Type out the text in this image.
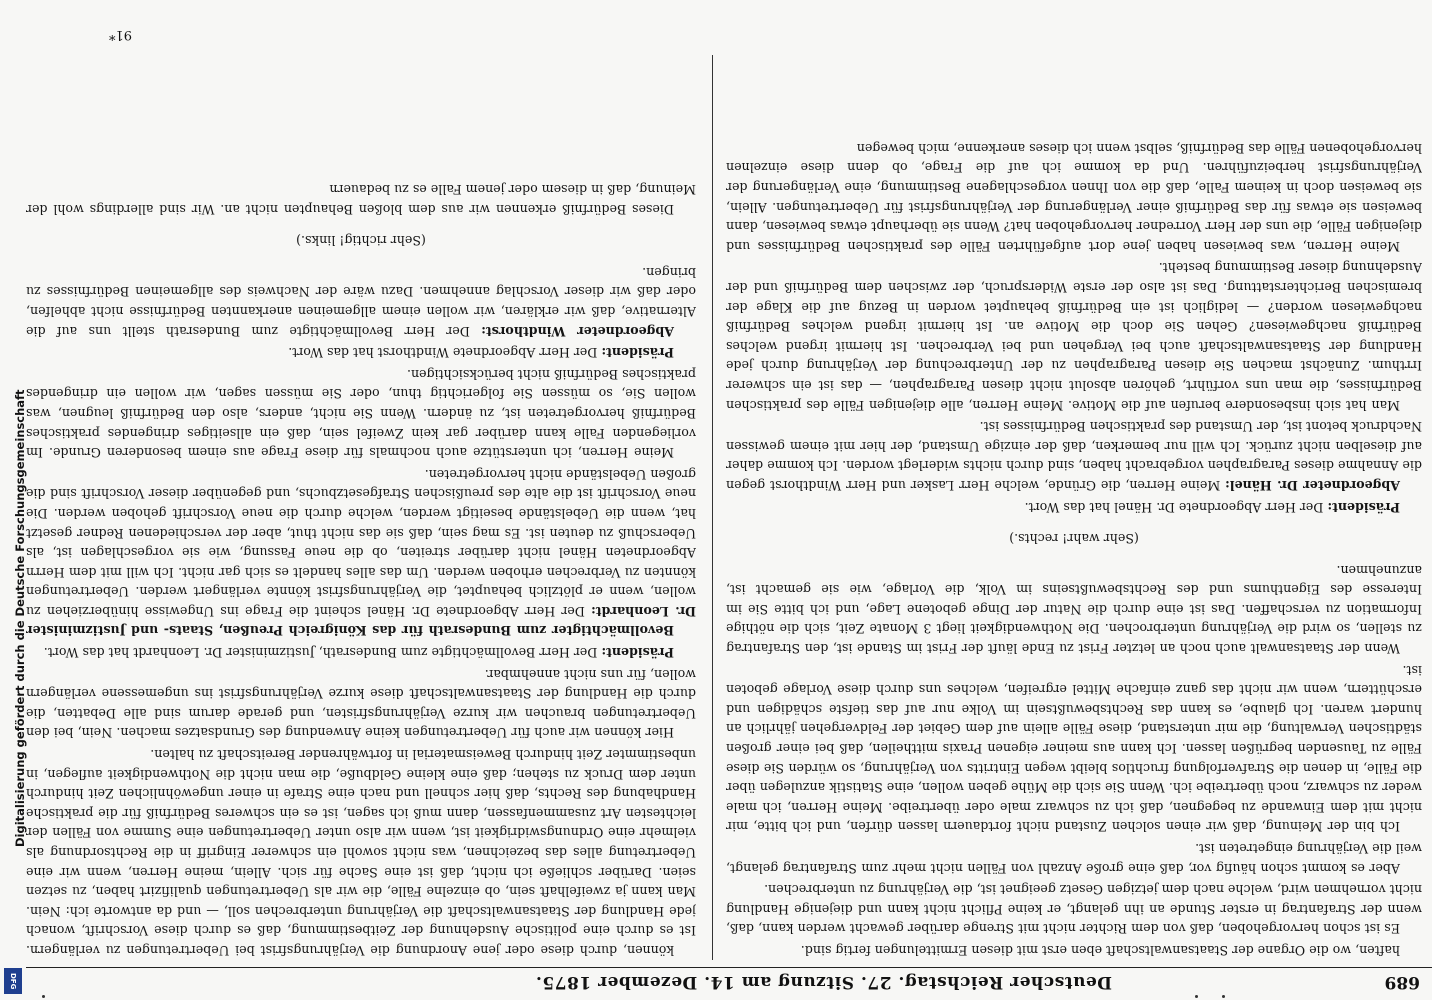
689
Deutscher Reichstag. 27. Sitzung am 14. Dezember 1875.

haften, wo die Organe der Staatsanwaltschaft eben erst mit diesen Ermittelungen fertig sind.

Es ist schon hervorgehoben, daß von dem Richter nicht mit Strenge darüber gewacht werden kann, daß, wenn der Strafantrag in erster Stunde an ihn gelangt, er keine Pflicht nicht kann und diejenige Handlung nicht vornehmen wird, welche nach dem jetzigen Gesetz geeignet ist, die Verjährung zu unterbrechen.

Aber es kommt schon häufig vor, daß eine große Anzahl von Fällen nicht mehr zum Strafantrag gelangt, weil die Verjährung eingetreten ist.

Ich bin der Meinung, daß wir einen solchen Zustand nicht fortdauern lassen dürfen, und ich bitte, mir nicht mit dem Einwande zu begegnen, daß ich zu schwarz male oder übertreibe. Meine Herren, ich male weder zu schwarz, noch übertreibe ich. Wenn Sie sich die Mühe geben wollen, eine Statistik anzulegen über die Fälle, in denen die Strafverfolgung fruchtlos bleibt wegen Eintritts von Verjährung, so würden Sie diese Fälle zu Tausenden begrüßen lassen. Ich kann aus meiner eigenen Praxis mittheilen, daß bei einer großen städtischen Verwaltung, die mir unterstand, diese Fälle allein auf dem Gebiet der Feldvergehen jährlich an hundert waren. Ich glaube, es kann das Rechtsbewußtsein im Volke nur auf das tiefste schädigen und erschüttern, wenn wir nicht das ganz einfache Mittel ergreifen, welches uns durch diese Vorlage geboten ist.

Wenn der Staatsanwalt auch noch an letzter Frist zu Ende läuft der Frist im Stande ist, den Strafantrag zu stellen, so wird die Verjährung unterbrochen. Die Nothwendigkeit liegt 3 Monate Zeit, sich die nöthige Information zu verschaffen. Das ist eine durch die Natur der Dinge gebotene Lage, und ich bitte Sie im Interesse des Eigenthums und des Rechtsbewußtseins im Volk, die Vorlage, wie sie gemacht ist, anzunehmen.

(Sehr wahr! rechts.)

Präsident: Der Herr Abgeordnete Dr. Hänel hat das Wort.

Abgeordneter Dr. Hänel: Meine Herren, die Gründe, welche Herr Lasker und Herr Windthorst gegen die Annahme dieses Paragraphen vorgebracht haben, sind durch nichts widerlegt worden. Ich komme daher auf dieselben nicht zurück. Ich will nur bemerken, daß der einzige Umstand, der hier mit einem gewissen Nachdruck betont ist, der Umstand des praktischen Bedürfnisses ist.

Man hat sich insbesondere berufen auf die Motive. Meine Herren, alle diejenigen Fälle des praktischen Bedürfnisses, die man uns vorführt, gehören absolut nicht diesen Paragraphen, — das ist ein schwerer Irrthum. Zunächst machen Sie diesen Paragraphen zu der Unterbrechung der Verjährung durch jede Handlung der Staatsanwaltschaft auch bei Vergehen und bei Verbrechen. Ist hiermit irgend welches Bedürfniß nachgewiesen? Gehen Sie doch die Motive an. Ist hiermit irgend welches Bedürfniß nachgewiesen worden? — lediglich ist ein Bedürfniß behauptet worden in Bezug auf die Klage der bremischen Berichterstattung. Das ist also der erste Widerspruch, der zwischen dem Bedürfniß und der Ausdehnung dieser Bestimmung besteht.

Meine Herren, was bewiesen haben jene dort aufgeführten Fälle des praktischen Bedürfnisses und diejenigen Fälle, die uns der Herr Vorredner hervorgehoben hat? Wenn sie überhaupt etwas bewiesen, dann beweisen sie etwas für das Bedürfniß einer Verlängerung der Verjährungsfrist für Uebertretungen. Allein, sie beweisen doch in keinem Falle, daß die von Ihnen vorgeschlagene Bestimmung, eine Verlängerung der Verjährungsfrist herbeizuführen. Und da komme ich auf die Frage, ob denn diese einzelnen hervorgehobenen Fälle das Bedürfniß, selbst wenn ich dieses anerkenne, mich bewegen

können, durch diese oder jene Anordnung die Verjährungsfrist bei Uebertretungen zu verlängern. Ist es durch eine politische Ausdehnung der Zeitbestimmung, daß es durch diese Vorschrift, wonach jede Handlung der Staatsanwaltschaft die Verjährung unterbrechen soll, — und da antworte ich: Nein. Man kann ja zweifelhaft sein, ob einzelne Fälle, die wir als Uebertretungen qualifizirt haben, zu setzen seien. Darüber schließe ich nicht, daß ist eine Sache für sich. Allein, meine Herren, wenn wir eine Uebertretung alles das bezeichnen, was nicht sowohl ein schwerer Eingriff in die Rechtsordnung als vielmehr eine Ordnungswidrigkeit ist, wenn wir also unter Uebertretungen eine Summe von Fällen der leichtesten Art zusammenfassen, dann muß ich sagen, ist es ein schweres Bedürfniß für die praktische Handhabung des Rechts, daß hier schnell und nach eine Strafe in einer ungewöhnlichen Zeit hindurch unter dem Druck zu stehen; daß eine kleine Geldbuße, die man nicht die Nothwendigkeit auflegen, in unbestimmter Zeit hindurch Beweismaterial in fortwährender Bereitschaft zu halten.

Hier können wir auch für Uebertretungen keine Anwendung des Grundsatzes machen. Nein, bei den Uebertretungen brauchen wir kurze Verjährungsfristen, und gerade darum sind alle Debatten, die durch die Handlung der Staatsanwaltschaft diese kurze Verjährungsfrist ins ungemessene verlängern wollen, für uns nicht annehmbar.

Präsident: Der Herr Bevollmächtigte zum Bundesrath, Justizminister Dr. Leonhardt hat das Wort.

Bevollmächtigter zum Bundesrath für das Königreich Preußen, Staats- und Justizminister Dr. Leonhardt: Der Herr Abgeordnete Dr. Hänel scheint die Frage ins Ungewisse hinüberziehen zu wollen, wenn er plötzlich behauptet, die Verjährungsfrist könnte verlängert werden. Uebertretungen könnten zu Verbrechen erhoben werden. Um das alles handelt es sich gar nicht. Ich will mit dem Herrn Abgeordneten Hänel nicht darüber streiten, ob die neue Fassung, wie sie vorgeschlagen ist, als Ueberschuß zu deuten ist. Es mag sein, daß sie das nicht thut, aber der verschiedenen Redner gesetzt hat, wenn die Uebelstände beseitigt werden, welche durch die neue Vorschrift gehoben werden. Die neue Vorschrift ist die alte des preußischen Strafgesetzbuchs, und gegenüber dieser Vorschrift sind die großen Uebelstände nicht hervorgetreten.

Meine Herren, ich unterstütze auch nochmals für diese Frage aus einem besonderen Grunde. Im vorliegenden Falle kann darüber gar kein Zweifel sein, daß ein allseitiges dringendes praktisches Bedürfniß hervorgetreten ist, zu ändern. Wenn Sie nicht, anders, also den Bedürfniß leugnen, was wollen Sie, so müssen Sie folgerichtig thun, oder Sie müssen sagen, wir wollen ein dringendes praktisches Bedürfniß nicht berücksichtigen.

Präsident: Der Herr Abgeordnete Windthorst hat das Wort.

Abgeordneter Windthorst: Der Herr Bevollmächtigte zum Bundesrath stellt uns auf die Alternative, daß wir erklären, wir wollen einem allgemeinen anerkannten Bedürfnisse nicht abhelfen, oder daß wir dieser Vorschlag annehmen. Dazu wäre der Nachweis des allgemeinen Bedürfnisses zu bringen.

(Sehr richtig! links.)

Dieses Bedürfniß erkennen wir aus dem bloßen Behaupten nicht an. Wir sind allerdings wohl der Meinung, daß in diesem oder jenem Falle es zu bedauern

91*
Digitalisierung gefördert durch die Deutsche Forschungsgemeinschaft
DFG
